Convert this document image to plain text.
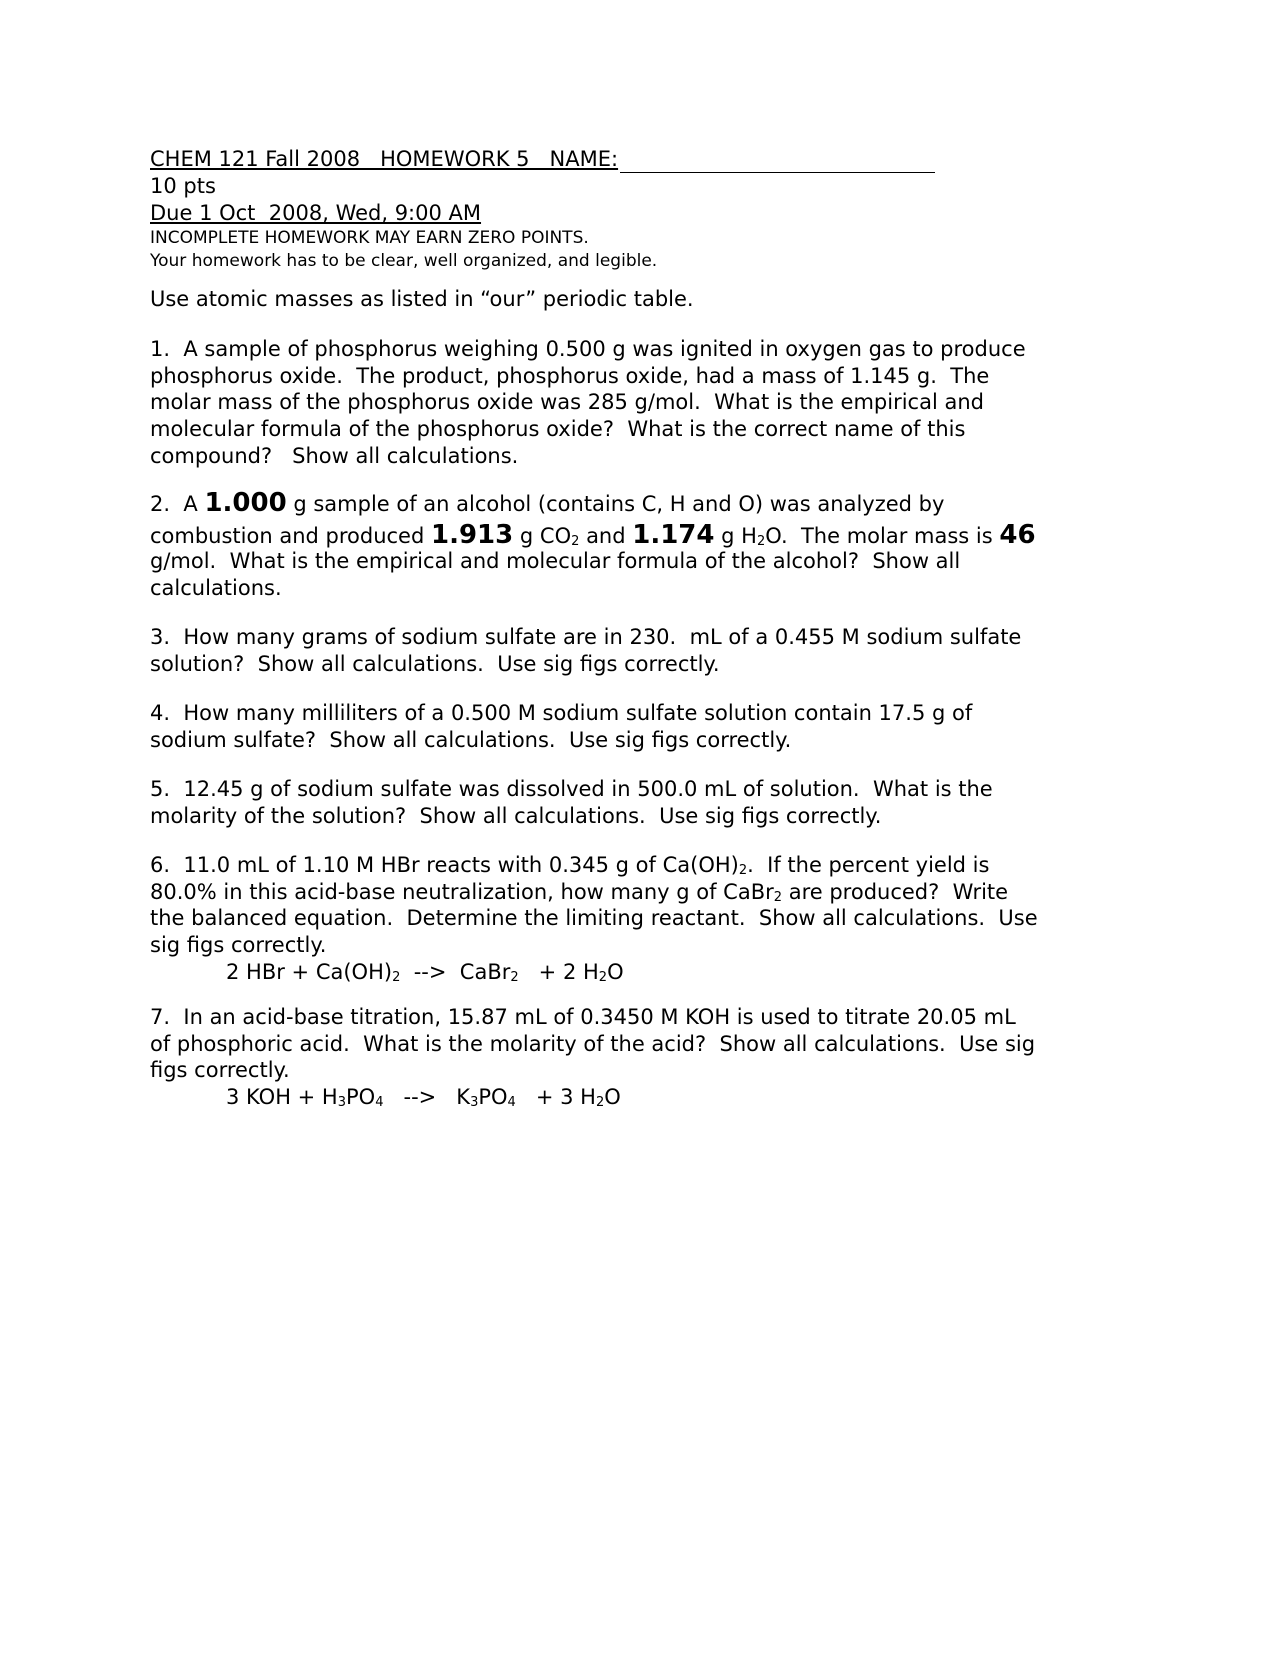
CHEM 121 Fall 2008   HOMEWORK 5   NAME:

10 pts

Due 1 Oct  2008, Wed, 9:00 AM

INCOMPLETE HOMEWORK MAY EARN ZERO POINTS.

Your homework has to be clear, well organized, and legible.

Use atomic masses as listed in “our” periodic table.

1.  A sample of phosphorus weighing 0.500 g was ignited in oxygen gas to produce
phosphorus oxide.  The product, phosphorus oxide, had a mass of 1.145 g.  The
molar mass of the phosphorus oxide was 285 g/mol.  What is the empirical and
molecular formula of the phosphorus oxide?  What is the correct name of this
compound?   Show all calculations.
2.  A 1.000 g sample of an alcohol (contains C, H and O) was analyzed by
combustion and produced 1.913 g $CO_2$ and 1.174 g $H_2O$.  The molar mass is 46
g/mol.  What is the empirical and molecular formula of the alcohol?  Show all
calculations.
3.  How many grams of sodium sulfate are in 230.  mL of a 0.455 M sodium sulfate
solution?  Show all calculations.  Use sig figs correctly.
4.  How many milliliters of a 0.500 M sodium sulfate solution contain 17.5 g of
sodium sulfate?  Show all calculations.  Use sig figs correctly.
5.  12.45 g of sodium sulfate was dissolved in 500.0 mL of solution.  What is the
molarity of the solution?  Show all calculations.  Use sig figs correctly.
6.  11.0 mL of 1.10 M HBr reacts with 0.345 g of $Ca(OH)_2$.  If the percent yield is
80.0% in this acid-base neutralization, how many g of CaBr$_2$ are produced?  Write
the balanced equation.  Determine the limiting reactant.  Show all calculations.  Use
sig figs correctly.
2 HBr + $Ca(OH)_2$  -->  CaBr$_2$   + 2 $H_2O$
7.  In an acid-base titration, 15.87 mL of 0.3450 M KOH is used to titrate 20.05 mL
of phosphoric acid.  What is the molarity of the acid?  Show all calculations.  Use sig
figs correctly.
3 KOH + $H_3PO_4$   -->   $K_3PO_4 + 3$ $H_2O$
